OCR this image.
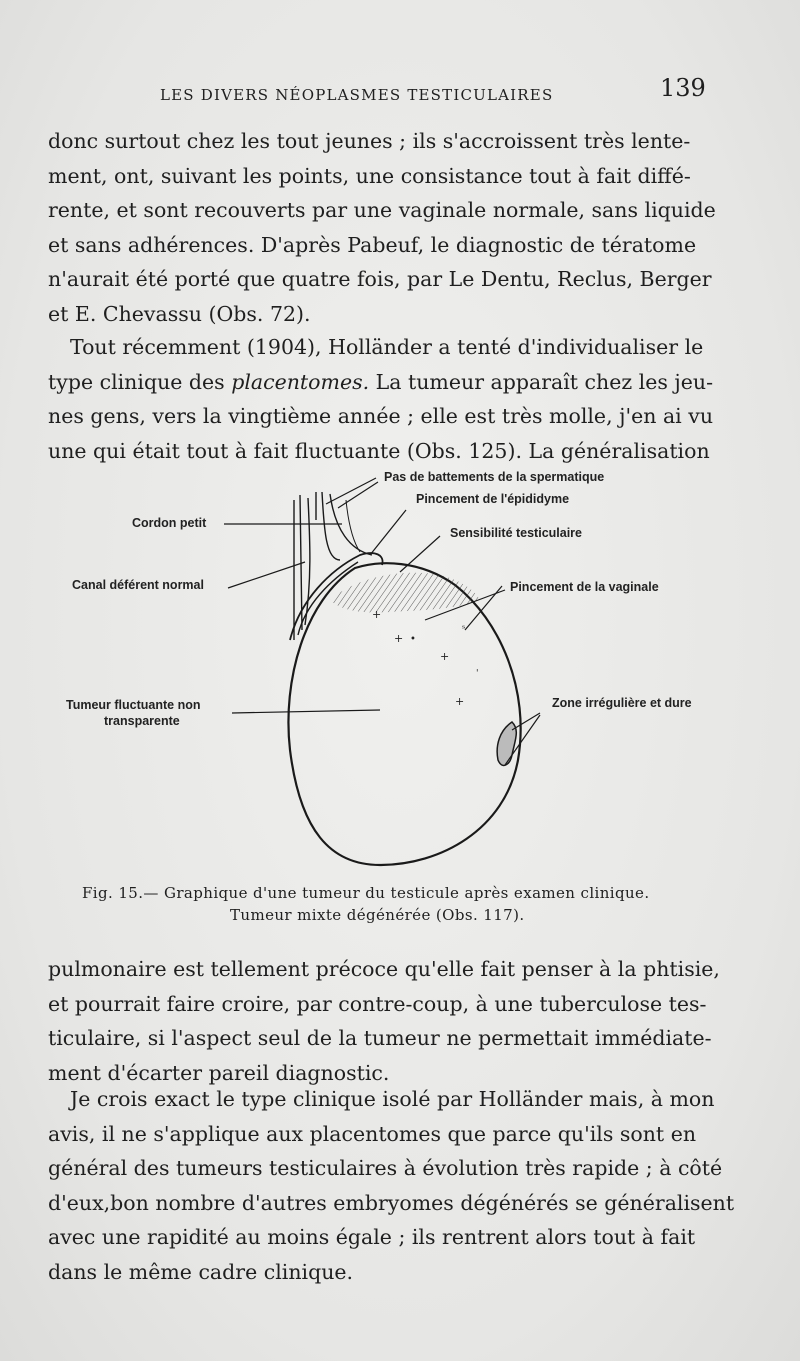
LES DIVERS NÉOPLASMES TESTICULAIRES	139

donc surtout chez les tout jeunes ; ils s'accroissent très lente-
ment, ont, suivant les points, une consistance tout à fait diffé-
rente, et sont recouverts par une vaginale normale, sans liquide
et sans adhérences. D'après Pabeuf, le diagnostic de tératome
n'aurait été porté que quatre fois, par Le Dentu, Reclus, Berger
et E. Chevassu (Obs. 72).

Tout récemment (1904), Holländer a tenté d'individualiser le
type clinique des placentomes. La tumeur apparaît chez les jeu-
nes gens, vers la vingtième année ; elle est très molle, j'en ai vu
une qui était tout à fait fluctuante (Obs. 125). La généralisation

+
+ •
+
ˢ
+
'
Pas de battements de la spermatique
Pincement de l'épididyme
Cordon petit
Sensibilité testiculaire
Canal déférent normal	Pincement de la vaginale
Tumeur fluctuante non
transparente
Zone irrégulière et dure
Fig. 15.— Graphique d'une tumeur du testicule après examen clinique.
Tumeur mixte dégénérée (Obs. 117).

pulmonaire est tellement précoce qu'elle fait penser à la phtisie,
et pourrait faire croire, par contre-coup, à une tuberculose tes-
ticulaire, si l'aspect seul de la tumeur ne permettait immédiate-
ment d'écarter pareil diagnostic.

Je crois exact le type clinique isolé par Holländer mais, à mon
avis, il ne s'applique aux placentomes que parce qu'ils sont en
général des tumeurs testiculaires à évolution très rapide ; à côté
d'eux,bon nombre d'autres embryomes dégénérés se généralisent
avec une rapidité au moins égale ; ils rentrent alors tout à fait
dans le même cadre clinique.
